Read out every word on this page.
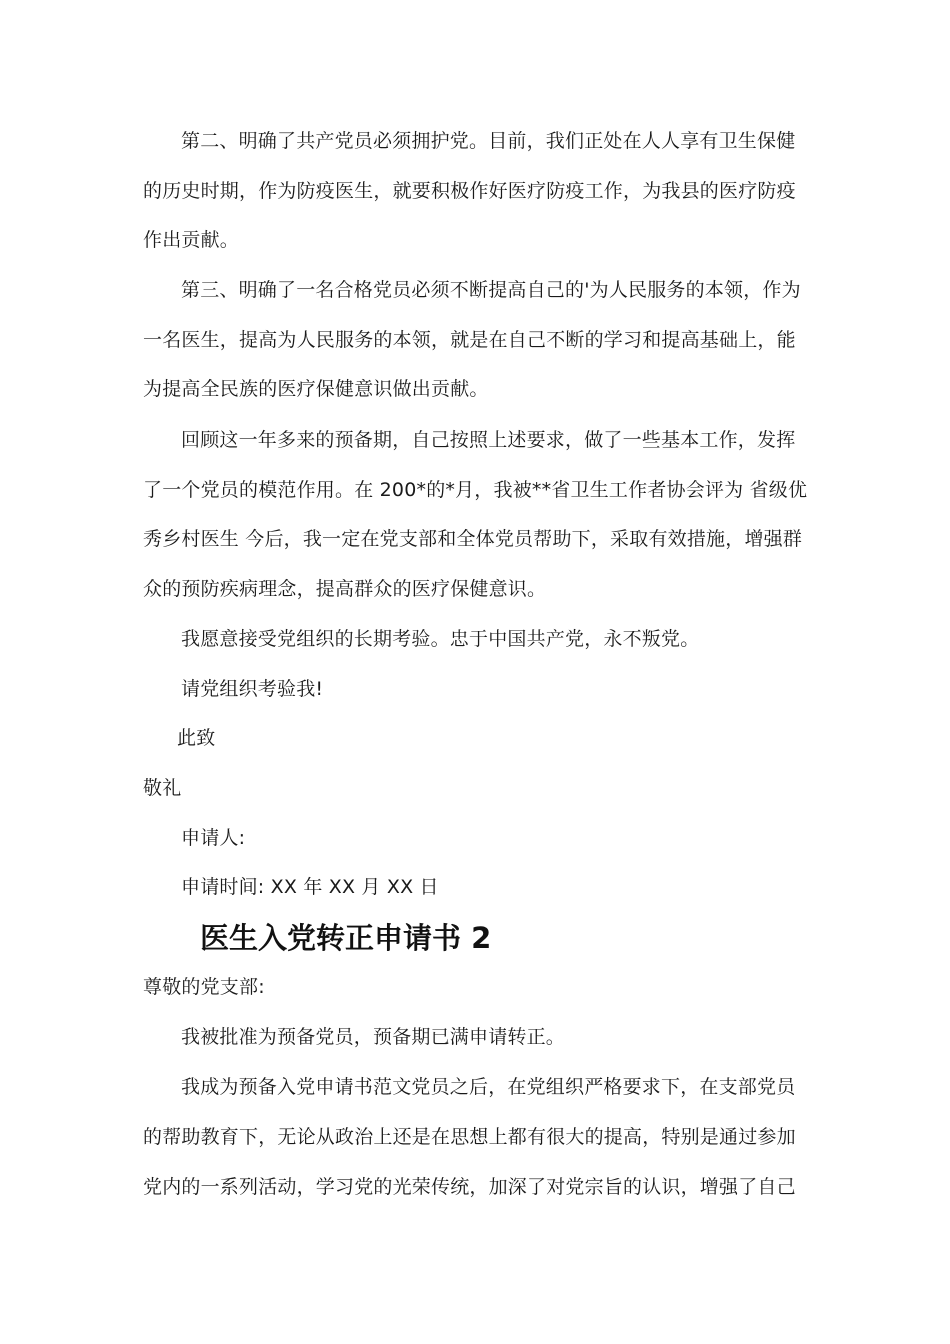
第二、明确了共产党员必须拥护党。目前，我们正处在人人享有卫生保健
的历史时期，作为防疫医生，就要积极作好医疗防疫工作，为我县的医疗防疫
作出贡献。
第三、明确了一名合格党员必须不断提高自己的'为人民服务的本领，作为
一名医生，提高为人民服务的本领，就是在自己不断的学习和提高基础上，能
为提高全民族的医疗保健意识做出贡献。
回顾这一年多来的预备期，自己按照上述要求，做了一些基本工作，发挥
了一个党员的模范作用。在 200*的*月，我被**省卫生工作者协会评为 省级优
秀乡村医生 今后，我一定在党支部和全体党员帮助下，采取有效措施，增强群
众的预防疾病理念，提高群众的医疗保健意识。
我愿意接受党组织的长期考验。忠于中国共产党，永不叛党。
请党组织考验我!
此致
敬礼
申请人:
申请时间: XX 年 XX 月 XX 日
医生入党转正申请书 2
尊敬的党支部:
我被批准为预备党员，预备期已满申请转正。
我成为预备入党申请书范文党员之后，在党组织严格要求下，在支部党员
的帮助教育下，无论从政治上还是在思想上都有很大的提高，特别是通过参加
党内的一系列活动，学习党的光荣传统，加深了对党宗旨的认识，增强了自己
